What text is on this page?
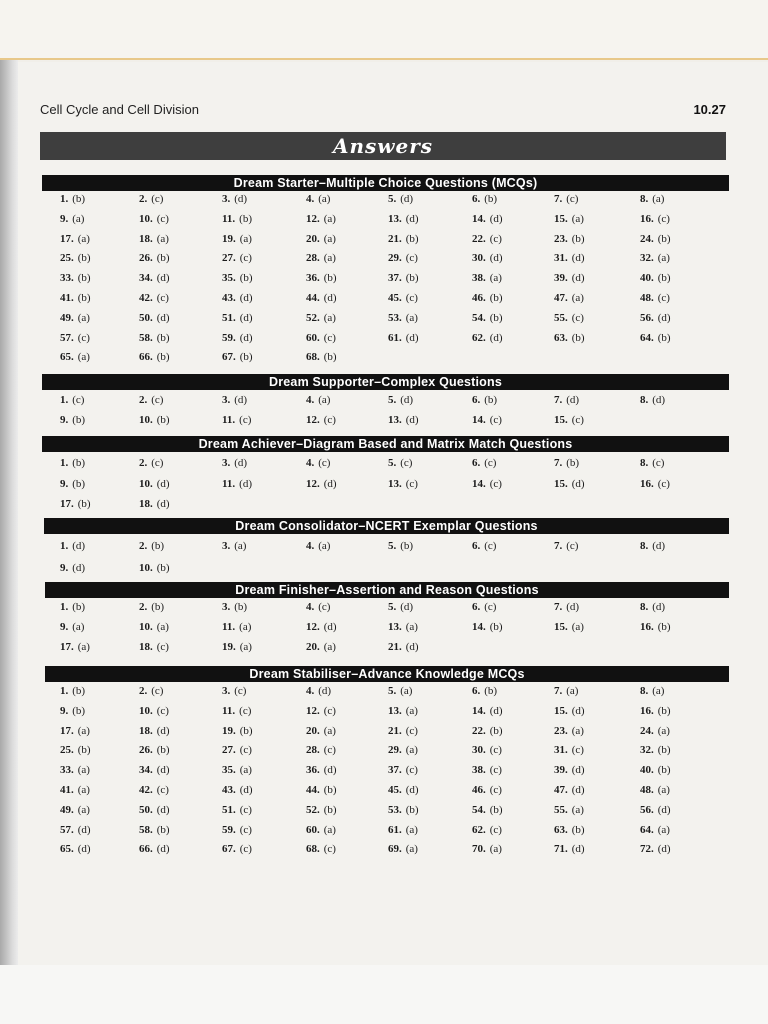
Cell Cycle and Cell Division	10.27
Answers
Dream Starter–Multiple Choice Questions (MCQs)
1. (b)	2. (c)	3. (d)	4. (a)	5. (d)	6. (b)	7. (c)	8. (a)
9. (a)	10. (c)	11. (b)	12. (a)	13. (d)	14. (d)	15. (a)	16. (c)
17. (a)	18. (a)	19. (a)	20. (a)	21. (b)	22. (c)	23. (b)	24. (b)
25. (b)	26. (b)	27. (c)	28. (a)	29. (c)	30. (d)	31. (d)	32. (a)
33. (b)	34. (d)	35. (b)	36. (b)	37. (b)	38. (a)	39. (d)	40. (b)
41. (b)	42. (c)	43. (d)	44. (d)	45. (c)	46. (b)	47. (a)	48. (c)
49. (a)	50. (d)	51. (d)	52. (a)	53. (a)	54. (b)	55. (c)	56. (d)
57. (c)	58. (b)	59. (d)	60. (c)	61. (d)	62. (d)	63. (b)	64. (b)
65. (a)	66. (b)	67. (b)	68. (b)
Dream Supporter–Complex Questions
1. (c)	2. (c)	3. (d)	4. (a)	5. (d)	6. (b)	7. (d)	8. (d)
9. (b)	10. (b)	11. (c)	12. (c)	13. (d)	14. (c)	15. (c)
Dream Achiever–Diagram Based and Matrix Match Questions
1. (b)	2. (c)	3. (d)	4. (c)	5. (c)	6. (c)	7. (b)	8. (c)
9. (b)	10. (d)	11. (d)	12. (d)	13. (c)	14. (c)	15. (d)	16. (c)
17. (b)	18. (d)
Dream Consolidator–NCERT Exemplar Questions
1. (d)	2. (b)	3. (a)	4. (a)	5. (b)	6. (c)	7. (c)	8. (d)
9. (d)	10. (b)
Dream Finisher–Assertion and Reason Questions
1. (b)	2. (b)	3. (b)	4. (c)	5. (d)	6. (c)	7. (d)	8. (d)
9. (a)	10. (a)	11. (a)	12. (d)	13. (a)	14. (b)	15. (a)	16. (b)
17. (a)	18. (c)	19. (a)	20. (a)	21. (d)
Dream Stabiliser–Advance Knowledge MCQs
1. (b)	2. (c)	3. (c)	4. (d)	5. (a)	6. (b)	7. (a)	8. (a)
9. (b)	10. (c)	11. (c)	12. (c)	13. (a)	14. (d)	15. (d)	16. (b)
17. (a)	18. (d)	19. (b)	20. (a)	21. (c)	22. (b)	23. (a)	24. (a)
25. (b)	26. (b)	27. (c)	28. (c)	29. (a)	30. (c)	31. (c)	32. (b)
33. (a)	34. (d)	35. (a)	36. (d)	37. (c)	38. (c)	39. (d)	40. (b)
41. (a)	42. (c)	43. (d)	44. (b)	45. (d)	46. (c)	47. (d)	48. (a)
49. (a)	50. (d)	51. (c)	52. (b)	53. (b)	54. (b)	55. (a)	56. (d)
57. (d)	58. (b)	59. (c)	60. (a)	61. (a)	62. (c)	63. (b)	64. (a)
65. (d)	66. (d)	67. (c)	68. (c)	69. (a)	70. (a)	71. (d)	72. (d)
